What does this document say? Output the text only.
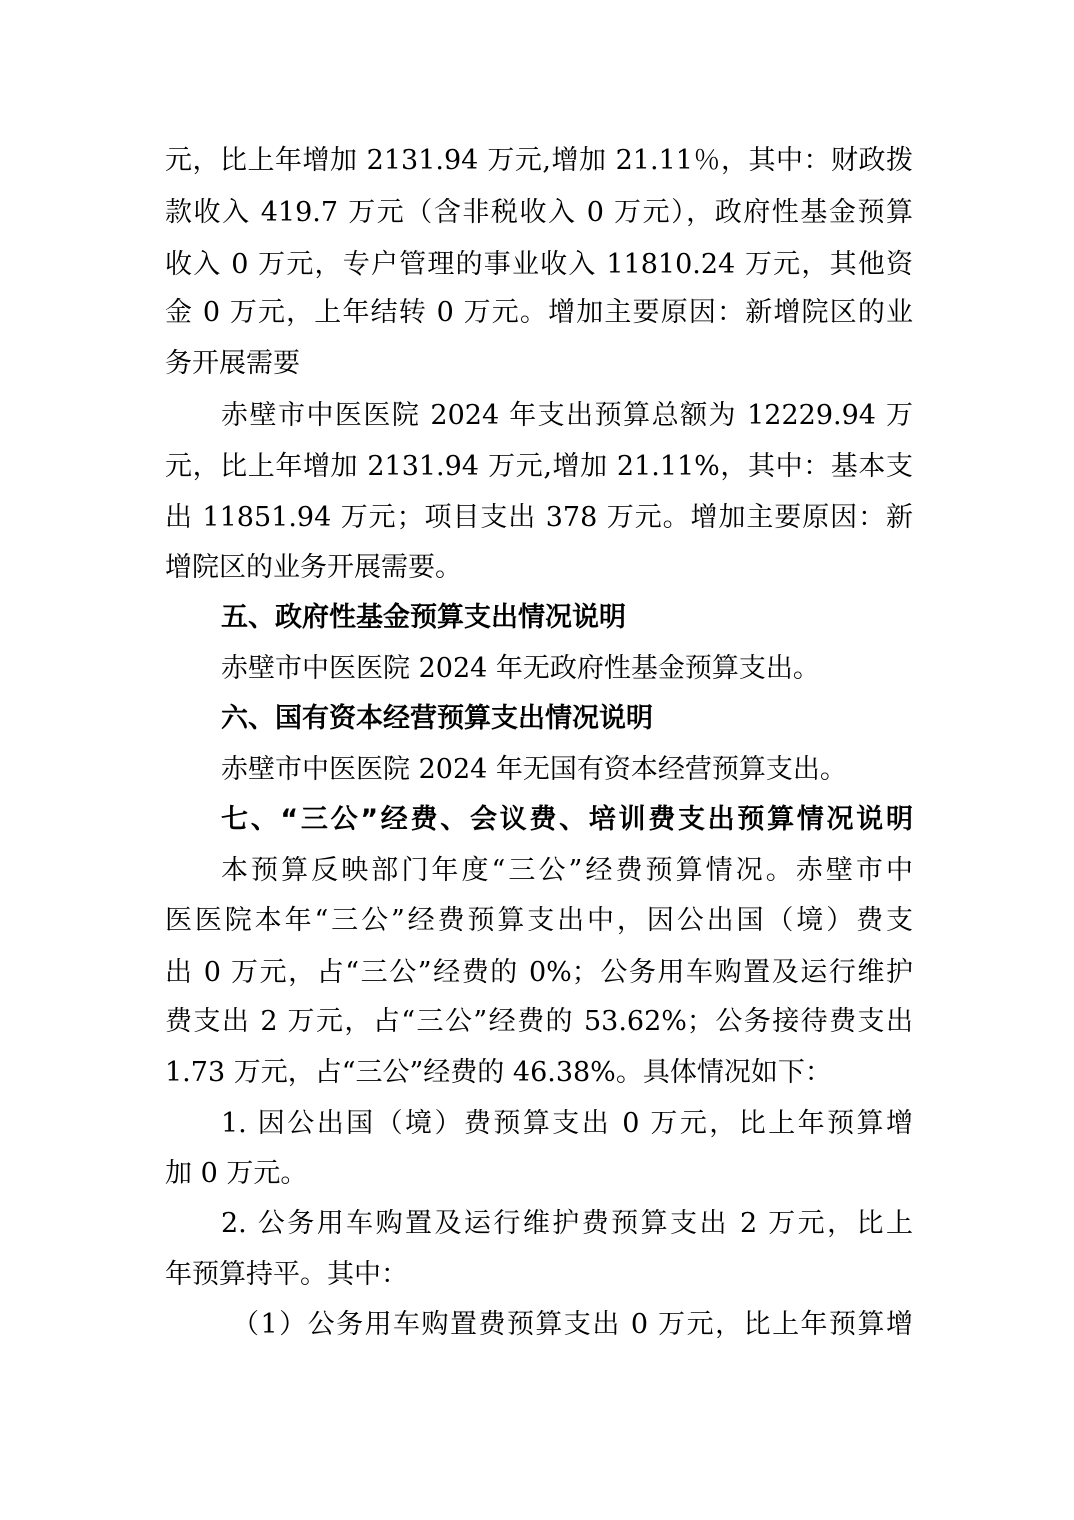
元，比上年增加 2131.94 万元,增加 21.11％，其中：财政拨
款收入 419.7 万元（含非税收入 0 万元），政府性基金预算
收入 0 万元，专户管理的事业收入 11810.24 万元，其他资
金 0 万元，上年结转 0 万元。增加主要原因：新增院区的业
务开展需要
赤壁市中医医院 2024 年支出预算总额为 12229.94 万
元，比上年增加 2131.94 万元,增加 21.11%，其中：基本支
出 11851.94 万元；项目支出 378 万元。增加主要原因：新
增院区的业务开展需要。
五、政府性基金预算支出情况说明
赤壁市中医医院 2024 年无政府性基金预算支出。
六、国有资本经营预算支出情况说明
赤壁市中医医院 2024 年无国有资本经营预算支出。
七、“三公”经费、会议费、培训费支出预算情况说明
本预算反映部门年度“三公”经费预算情况。赤壁市中
医医院本年“三公”经费预算支出中，因公出国（境）费支
出 0 万元，占“三公”经费的 0%；公务用车购置及运行维护
费支出 2 万元，占“三公”经费的 53.62%；公务接待费支出
1.73 万元，占“三公”经费的 46.38%。具体情况如下：
1. 因公出国（境）费预算支出 0 万元，比上年预算增
加 0 万元。
2. 公务用车购置及运行维护费预算支出 2 万元，比上
年预算持平。其中：
（1）公务用车购置费预算支出 0 万元，比上年预算增
